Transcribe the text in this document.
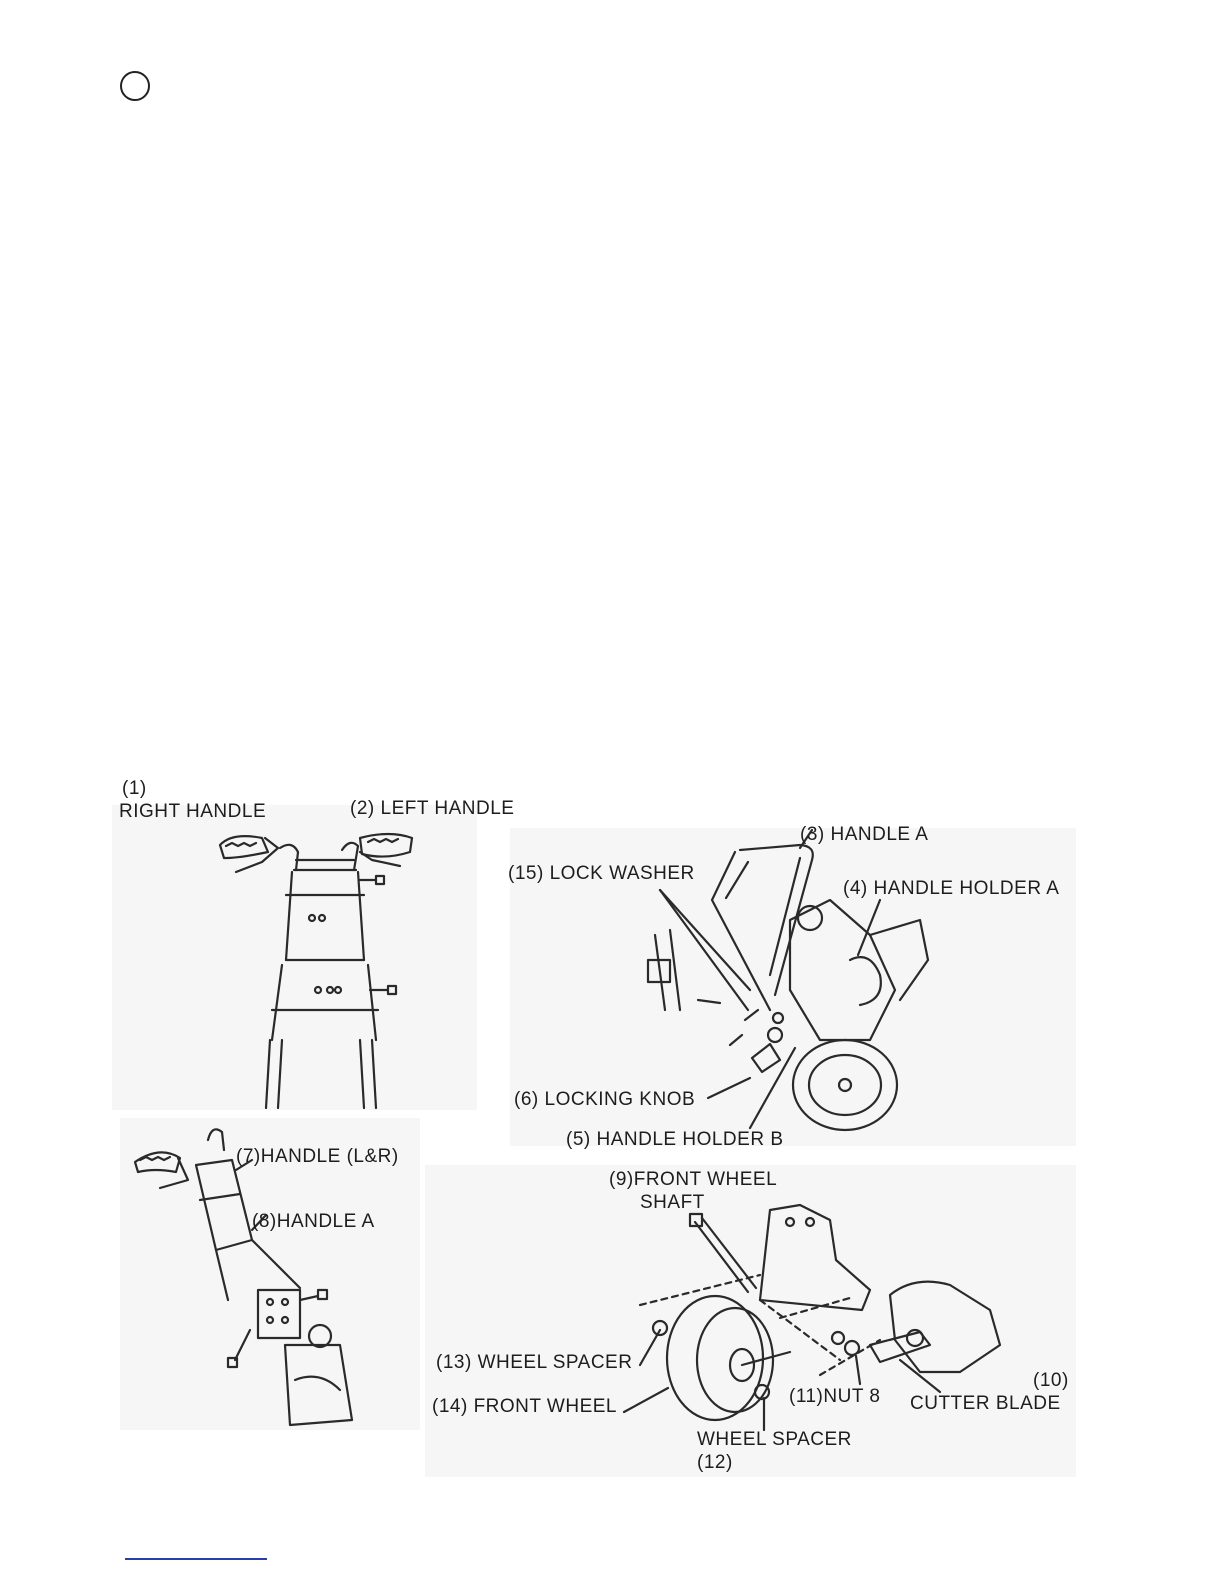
(1)
RIGHT HANDLE	(2) LEFT HANDLE
(3) HANDLE A
(4) HANDLE HOLDER A
(15) LOCK WASHER
(6) LOCKING KNOB
(5) HANDLE HOLDER B
(7)HANDLE (L&R)
(8)HANDLE A
(9)FRONT WHEEL
SHAFT
(13) WHEEL SPACER
(14) FRONT WHEEL	(11)NUT 8
WHEEL SPACER
(12)
(10)
CUTTER BLADE
